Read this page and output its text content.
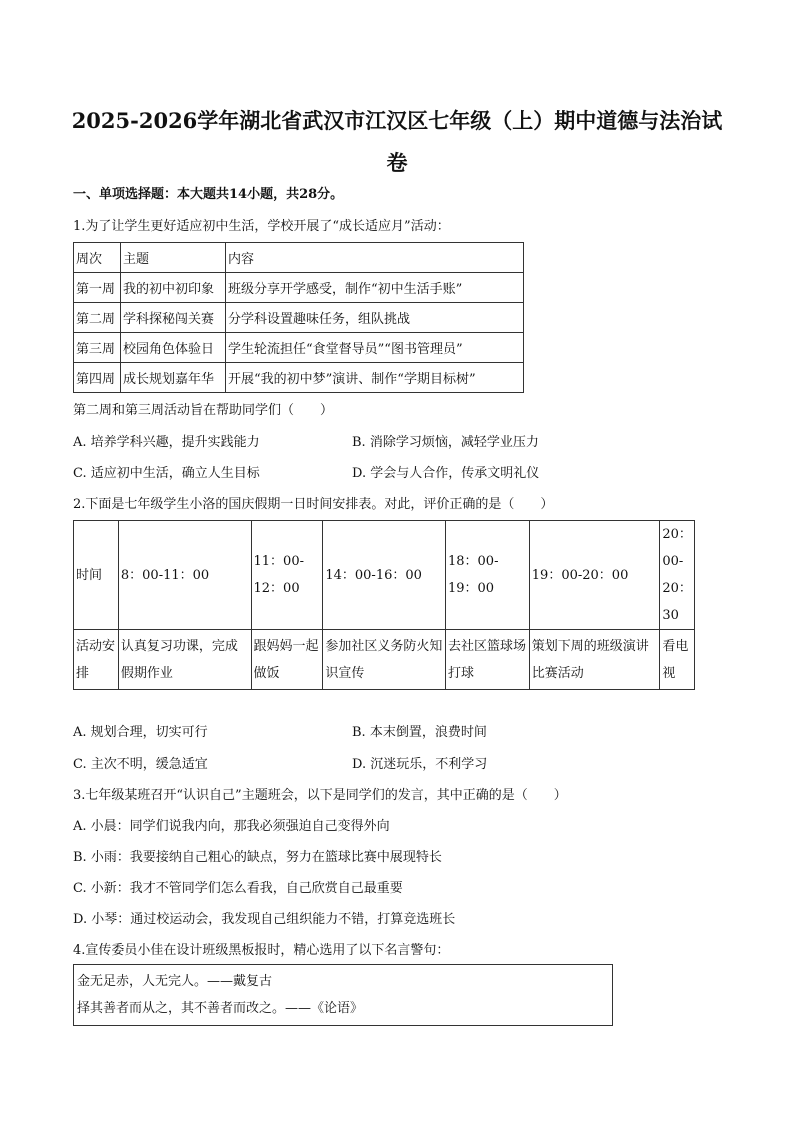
2025-2026学年湖北省武汉市江汉区七年级（上）期中道德与法治试
卷
一、单项选择题：本大题共14小题，共28分。
1.为了让学生更好适应初中生活，学校开展了“成长适应月”活动：
周次	主题	内容
第一周	我的初中初印象	班级分享开学感受，制作“初中生活手账”
第二周	学科探秘闯关赛	分学科设置趣味任务，组队挑战
第三周	校园角色体验日	学生轮流担任“食堂督导员”“图书管理员”
第四周	成长规划嘉年华	开展“我的初中梦”演讲、制作“学期目标树”
第二周和第三周活动旨在帮助同学们（　　）
A. 培养学科兴趣，提升实践能力	B. 消除学习烦恼，减轻学业压力
C. 适应初中生活，确立人生目标	D. 学会与人合作，传承文明礼仪
2.下面是七年级学生小洛的国庆假期一日时间安排表。对此，评价正确的是（　　）
时间	8：00-11：00	11：00-12：00	14：00-16：00	18：00-19：00	19：00-20：00	20：00-20：30
活动安排	认真复习功课，完成假期作业	跟妈妈一起做饭	参加社区义务防火知识宣传	去社区篮球场打球	策划下周的班级演讲比赛活动	看电视
A. 规划合理，切实可行	B. 本末倒置，浪费时间
C. 主次不明，缓急适宜	D. 沉迷玩乐，不利学习
3.七年级某班召开“认识自己”主题班会，以下是同学们的发言，其中正确的是（　　）
A. 小晨：同学们说我内向，那我必须强迫自己变得外向
B. 小雨：我要接纳自己粗心的缺点，努力在篮球比赛中展现特长
C. 小新：我才不管同学们怎么看我，自己欣赏自己最重要
D. 小琴：通过校运动会，我发现自己组织能力不错，打算竞选班长
4.宣传委员小佳在设计班级黑板报时，精心选用了以下名言警句：
金无足赤，人无完人。——戴复古
择其善者而从之，其不善者而改之。——《论语》
